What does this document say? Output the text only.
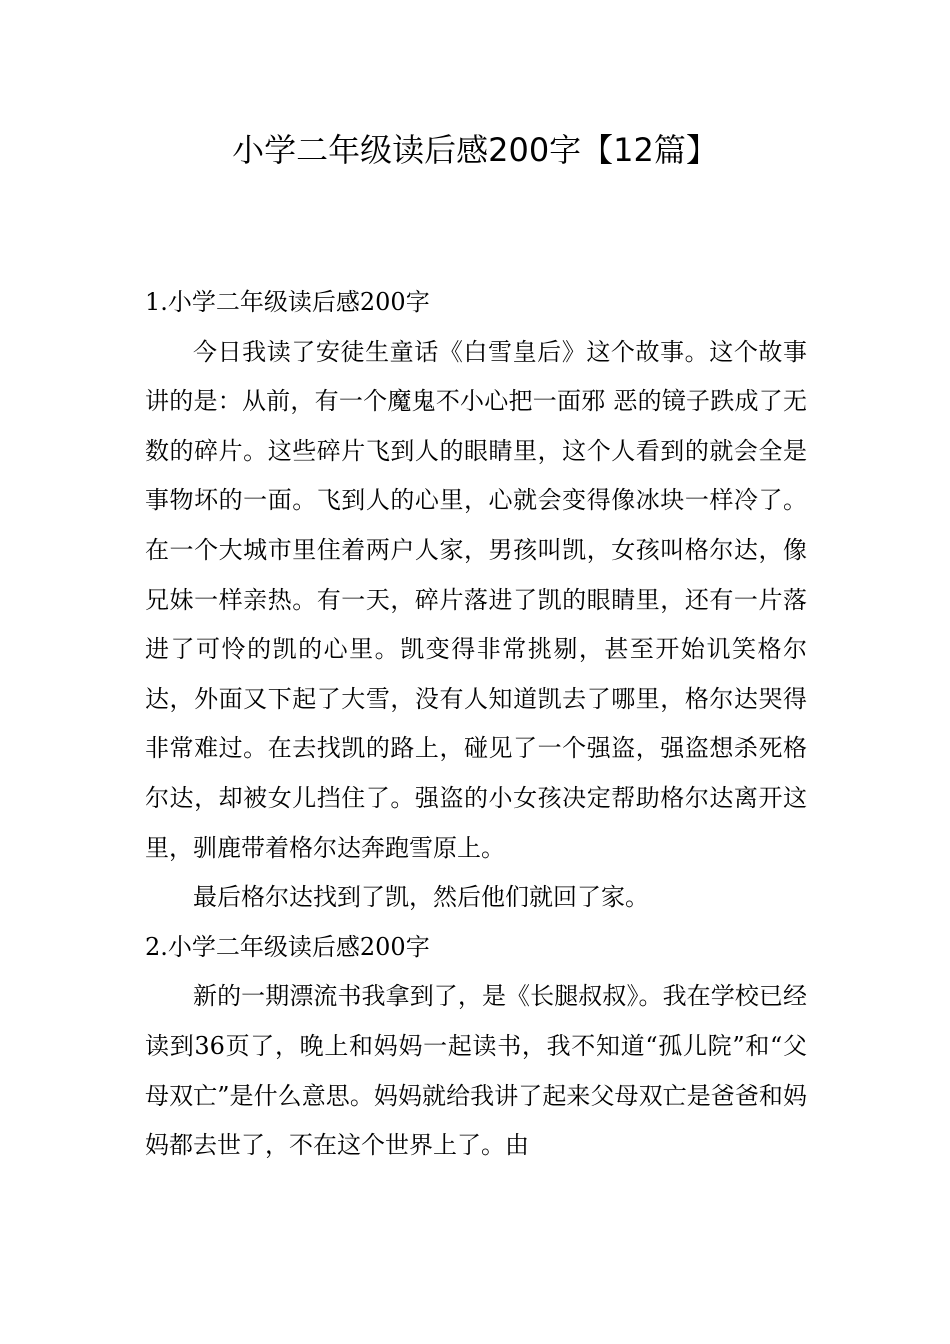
小学二年级读后感200字【12篇】
1.小学二年级读后感200字

今日我读了安徒生童话《白雪皇后》这个故事。这个故事讲的是：从前，有一个魔鬼不小心把一面邪 恶的镜子跌成了无数的碎片。这些碎片飞到人的眼睛里，这个人看到的就会全是事物坏的一面。飞到人的心里，心就会变得像冰块一样冷了。在一个大城市里住着两户人家，男孩叫凯，女孩叫格尔达，像兄妹一样亲热。有一天，碎片落进了凯的眼睛里，还有一片落进了可怜的凯的心里。凯变得非常挑剔，甚至开始讥笑格尔达，外面又下起了大雪，没有人知道凯去了哪里，格尔达哭得非常难过。在去找凯的路上，碰见了一个强盗，强盗想杀死格尔达，却被女儿挡住了。强盗的小女孩决定帮助格尔达离开这里，驯鹿带着格尔达奔跑雪原上。

最后格尔达找到了凯，然后他们就回了家。

2.小学二年级读后感200字

新的一期漂流书我拿到了，是《长腿叔叔》。我在学校已经读到36页了，晚上和妈妈一起读书，我不知道“孤儿院”和“父母双亡”是什么意思。妈妈就给我讲了起来父母双亡是爸爸和妈妈都去世了，不在这个世界上了。由
